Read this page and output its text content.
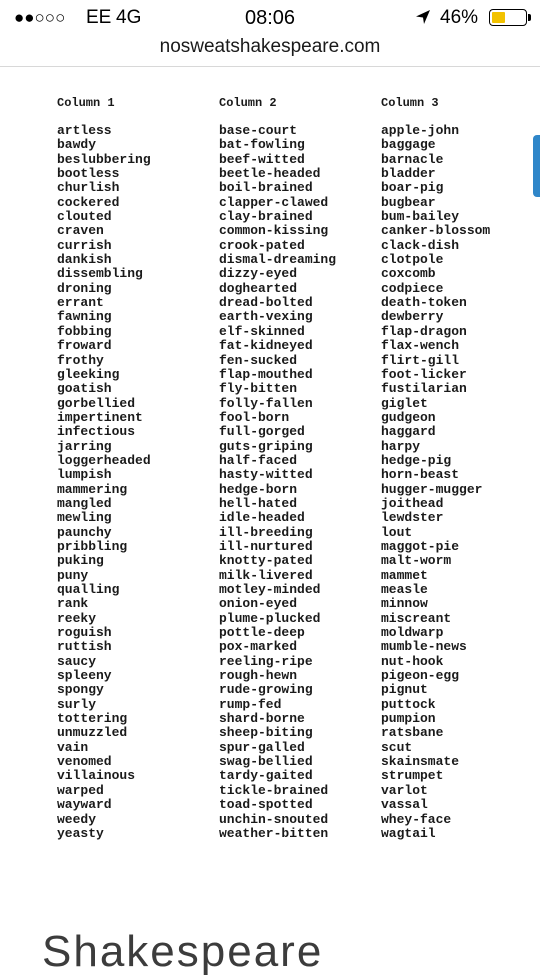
●●○○○ EE 4G	08:06	46%
nosweatshakespeare.com
Column 1
artless
bawdy
beslubbering
bootless
churlish
cockered
clouted
craven
currish
dankish
dissembling
droning
errant
fawning
fobbing
froward
frothy
gleeking
goatish
gorbellied
impertinent
infectious
jarring
loggerheaded
lumpish
mammering
mangled
mewling
paunchy
pribbling
puking
puny
qualling
rank
reeky
roguish
ruttish
saucy
spleeny
spongy
surly
tottering
unmuzzled
vain
venomed
villainous
warped
wayward
weedy
yeasty
Column 2
base-court
bat-fowling
beef-witted
beetle-headed
boil-brained
clapper-clawed
clay-brained
common-kissing
crook-pated
dismal-dreaming
dizzy-eyed
doghearted
dread-bolted
earth-vexing
elf-skinned
fat-kidneyed
fen-sucked
flap-mouthed
fly-bitten
folly-fallen
fool-born
full-gorged
guts-griping
half-faced
hasty-witted
hedge-born
hell-hated
idle-headed
ill-breeding
ill-nurtured
knotty-pated
milk-livered
motley-minded
onion-eyed
plume-plucked
pottle-deep
pox-marked
reeling-ripe
rough-hewn
rude-growing
rump-fed
shard-borne
sheep-biting
spur-galled
swag-bellied
tardy-gaited
tickle-brained
toad-spotted
unchin-snouted
weather-bitten
Column 3
apple-john
baggage
barnacle
bladder
boar-pig
bugbear
bum-bailey
canker-blossom
clack-dish
clotpole
coxcomb
codpiece
death-token
dewberry
flap-dragon
flax-wench
flirt-gill
foot-licker
fustilarian
giglet
gudgeon
haggard
harpy
hedge-pig
horn-beast
hugger-mugger
joithead
lewdster
lout
maggot-pie
malt-worm
mammet
measle
minnow
miscreant
moldwarp
mumble-news
nut-hook
pigeon-egg
pignut
puttock
pumpion
ratsbane
scut
skainsmate
strumpet
varlot
vassal
whey-face
wagtail
Shakespeare
